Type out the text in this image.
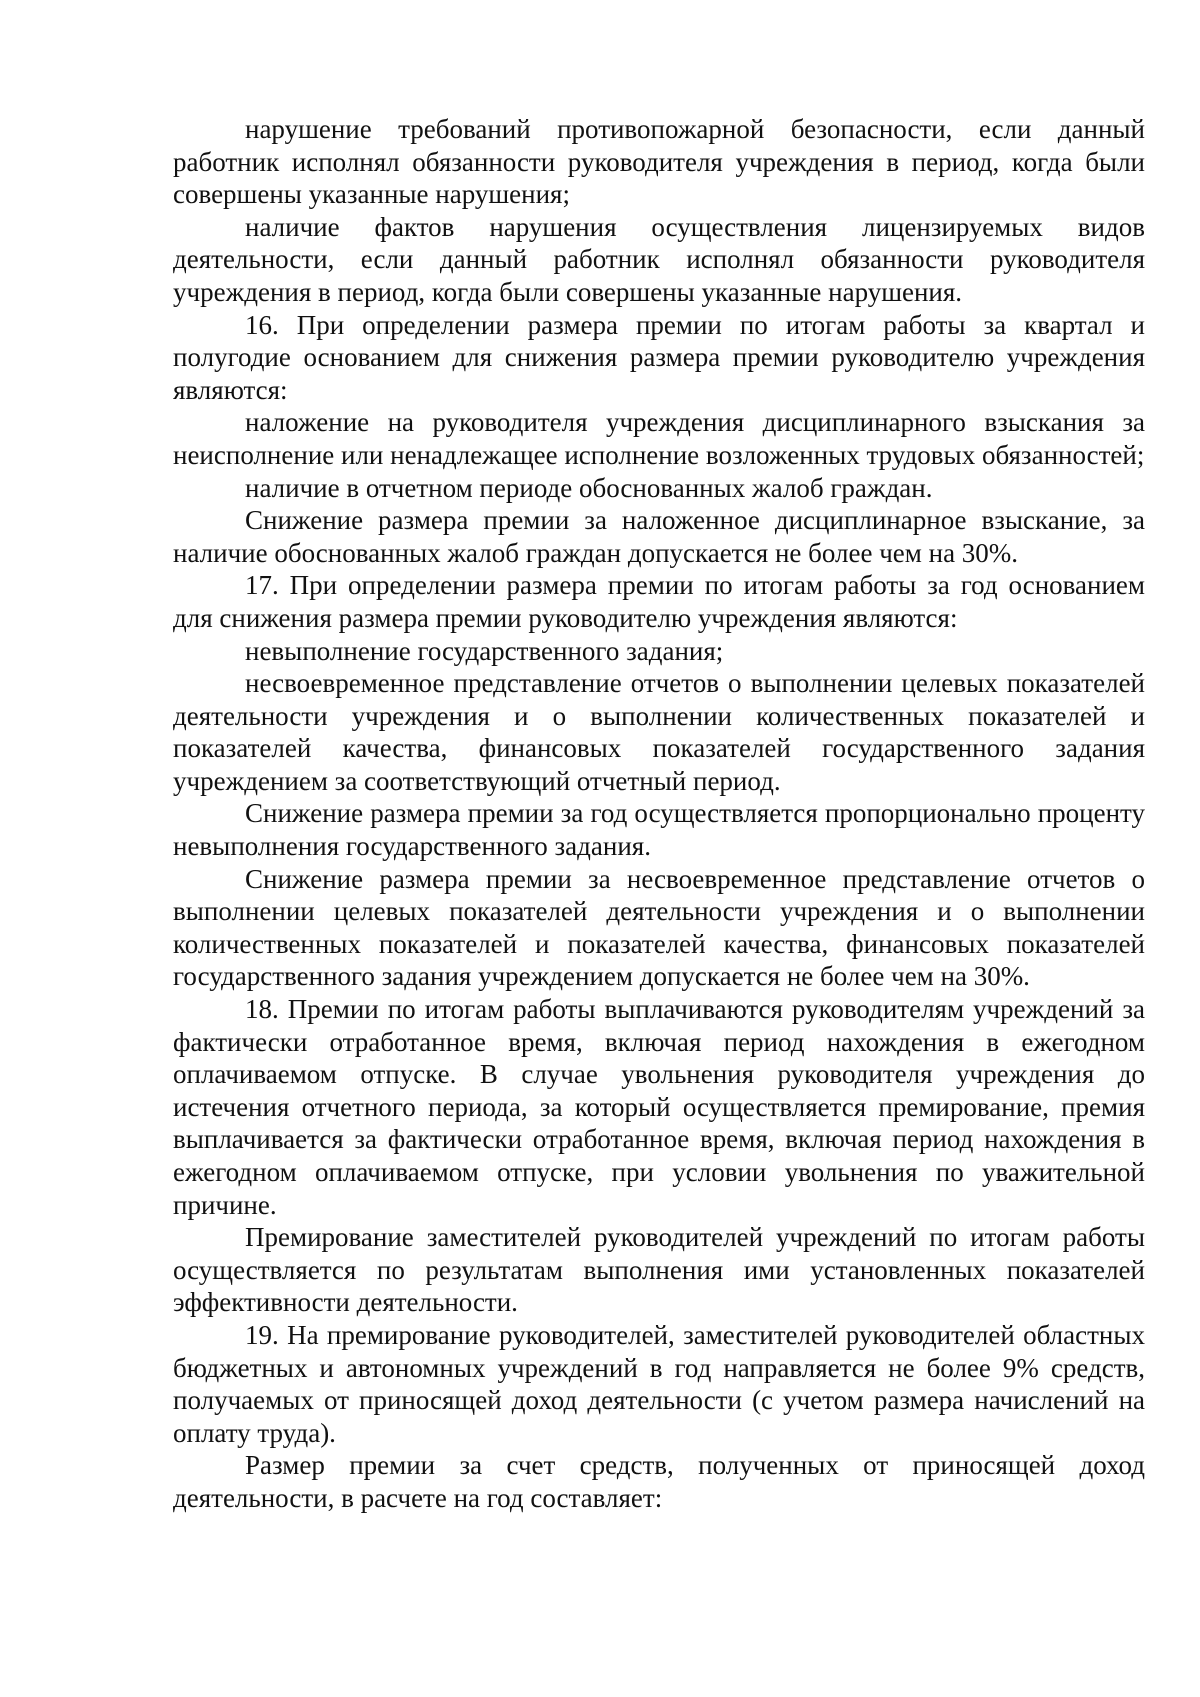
нарушение требований противопожарной безопасности, если данный работник исполнял обязанности руководителя учреждения в период, когда были совершены указанные нарушения;

наличие фактов нарушения осуществления лицензируемых видов деятельности, если данный работник исполнял обязанности руководителя учреждения в период, когда были совершены указанные нарушения.

16. При определении размера премии по итогам работы за квартал и полугодие основанием для снижения размера премии руководителю учреждения являются:

наложение на руководителя учреждения дисциплинарного взыскания за неисполнение или ненадлежащее исполнение возложенных трудовых обязанностей;

наличие в отчетном периоде обоснованных жалоб граждан.

Снижение размера премии за наложенное дисциплинарное взыскание, за наличие обоснованных жалоб граждан допускается не более чем на 30%.

17. При определении размера премии по итогам работы за год основанием для снижения размера премии руководителю учреждения являются:

невыполнение государственного задания;

несвоевременное представление отчетов о выполнении целевых показателей деятельности учреждения и о выполнении количественных показателей и показателей качества, финансовых показателей государственного задания учреждением за соответствующий отчетный период.

Снижение размера премии за год осуществляется пропорционально проценту невыполнения государственного задания.

Снижение размера премии за несвоевременное представление отчетов о выполнении целевых показателей деятельности учреждения и о выполнении количественных показателей и показателей качества, финансовых показателей государственного задания учреждением допускается не более чем на 30%.

18. Премии по итогам работы выплачиваются руководителям учреждений за фактически отработанное время, включая период нахождения в ежегодном оплачиваемом отпуске. В случае увольнения руководителя учреждения до истечения отчетного периода, за который осуществляется премирование, премия выплачивается за фактически отработанное время, включая период нахождения в ежегодном оплачиваемом отпуске, при условии увольнения по уважительной причине.

Премирование заместителей руководителей учреждений по итогам работы осуществляется по результатам выполнения ими установленных показателей эффективности деятельности.

19. На премирование руководителей, заместителей руководителей областных бюджетных и автономных учреждений в год направляется не более 9% средств, получаемых от приносящей доход деятельности (с учетом размера начислений на оплату труда).

Размер премии за счет средств, полученных от приносящей доход деятельности, в расчете на год составляет:
